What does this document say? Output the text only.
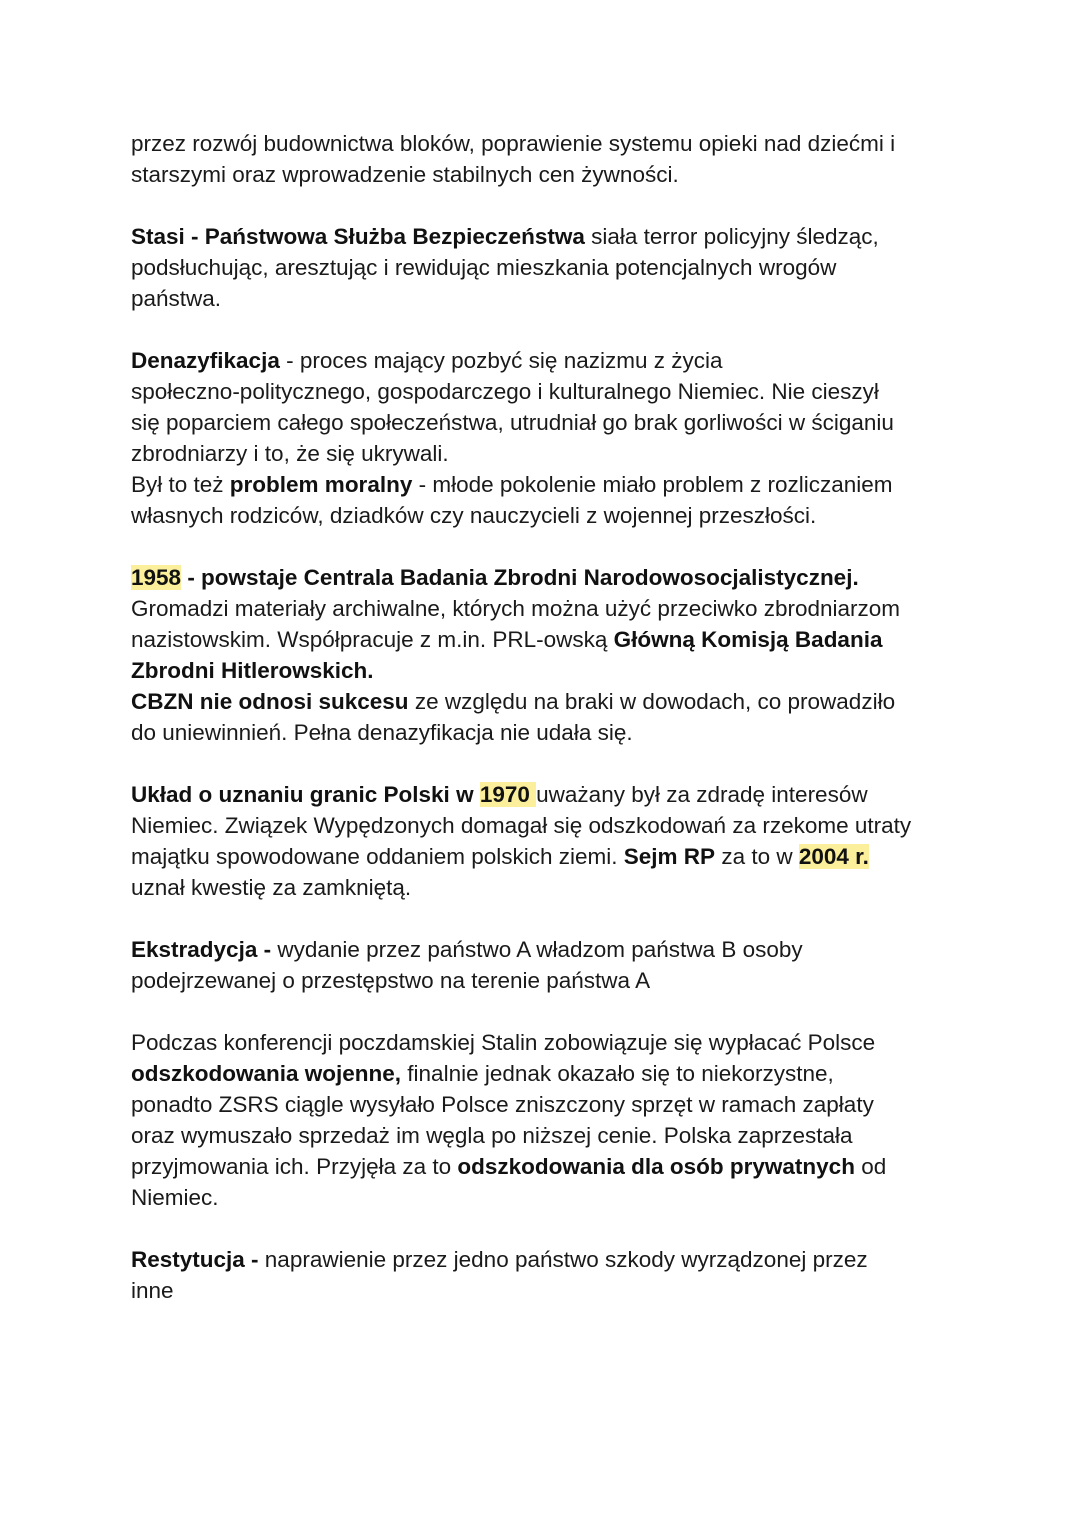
przez rozwój budownictwa bloków, poprawienie systemu opieki nad dziećmi i
starszymi oraz wprowadzenie stabilnych cen żywności.

Stasi - Państwowa Służba Bezpieczeństwa siała terror policyjny śledząc,
podsłuchując, aresztując i rewidując mieszkania potencjalnych wrogów
państwa.

Denazyfikacja - proces mający pozbyć się nazizmu z życia
społeczno-politycznego, gospodarczego i kulturalnego Niemiec. Nie cieszył
się poparciem całego społeczeństwa, utrudniał go brak gorliwości w ściganiu
zbrodniarzy i to, że się ukrywali.
Był to też problem moralny - młode pokolenie miało problem z rozliczaniem
własnych rodziców, dziadków czy nauczycieli z wojennej przeszłości.

1958 - powstaje Centrala Badania Zbrodni Narodowosocjalistycznej.
Gromadzi materiały archiwalne, których można użyć przeciwko zbrodniarzom
nazistowskim. Współpracuje z m.in. PRL-owską Główną Komisją Badania
Zbrodni Hitlerowskich.
CBZN nie odnosi sukcesu ze względu na braki w dowodach, co prowadziło
do uniewinnień. Pełna denazyfikacja nie udała się.

Układ o uznaniu granic Polski w 1970 uważany był za zdradę interesów
Niemiec. Związek Wypędzonych domagał się odszkodowań za rzekome utraty
majątku spowodowane oddaniem polskich ziemi. Sejm RP za to w 2004 r.
uznał kwestię za zamkniętą.

Ekstradycja - wydanie przez państwo A władzom państwa B osoby
podejrzewanej o przestępstwo na terenie państwa A

Podczas konferencji poczdamskiej Stalin zobowiązuje się wypłacać Polsce
odszkodowania wojenne, finalnie jednak okazało się to niekorzystne,
ponadto ZSRS ciągle wysyłało Polsce zniszczony sprzęt w ramach zapłaty
oraz wymuszało sprzedaż im węgla po niższej cenie. Polska zaprzestała
przyjmowania ich. Przyjęła za to odszkodowania dla osób prywatnych od
Niemiec.

Restytucja - naprawienie przez jedno państwo szkody wyrządzonej przez
inne
